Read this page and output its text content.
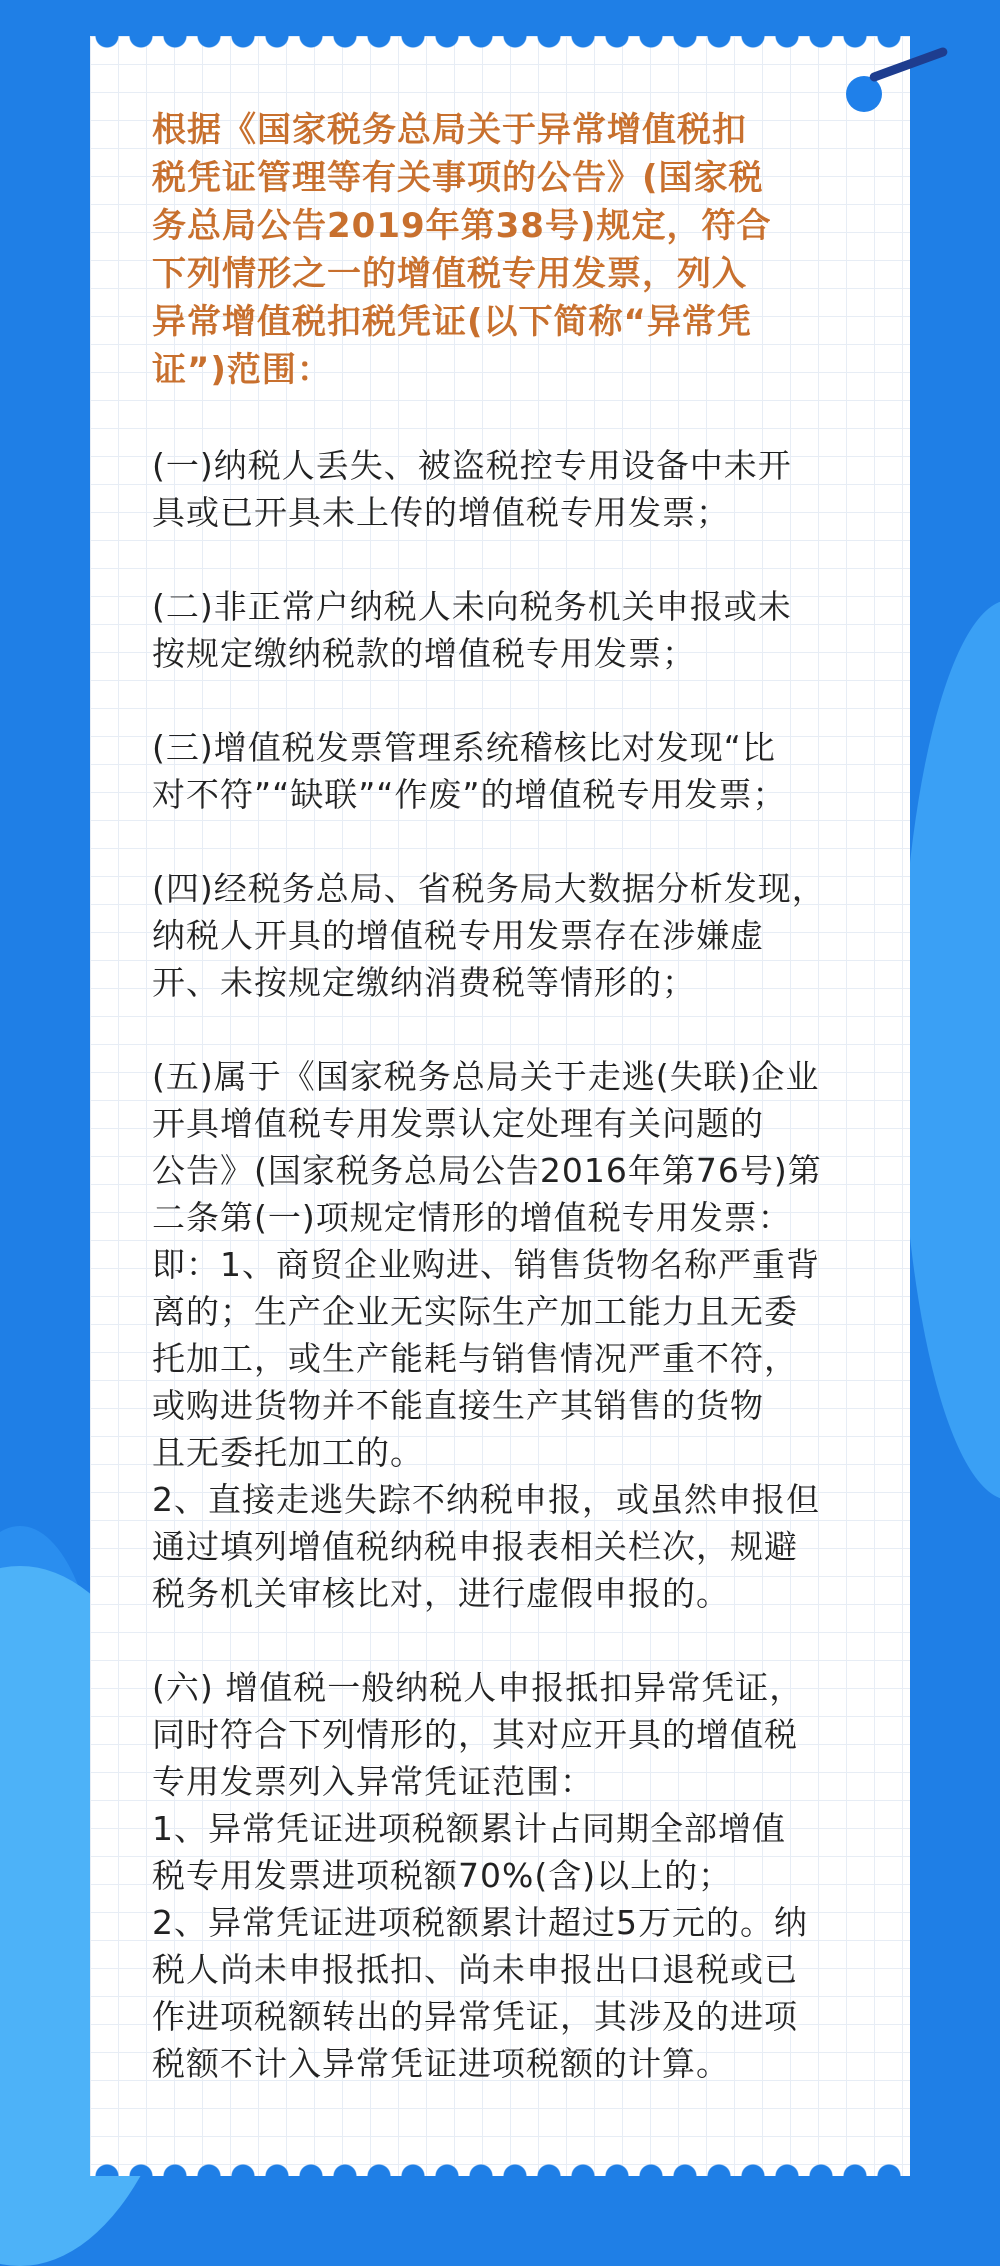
根据《国家税务总局关于异常增值税扣
税凭证管理等有关事项的公告》(国家税
务总局公告2019年第38号)规定，符合
下列情形之一的增值税专用发票，列入
异常增值税扣税凭证(以下简称“异常凭
证”)范围：
(一)纳税人丢失、被盗税控专用设备中未开
具或已开具未上传的增值税专用发票；
(二)非正常户纳税人未向税务机关申报或未
按规定缴纳税款的增值税专用发票；
(三)增值税发票管理系统稽核比对发现“比
对不符”“缺联”“作废”的增值税专用发票；
(四)经税务总局、省税务局大数据分析发现，
纳税人开具的增值税专用发票存在涉嫌虚
开、未按规定缴纳消费税等情形的；
(五)属于《国家税务总局关于走逃(失联)企业
开具增值税专用发票认定处理有关问题的
公告》(国家税务总局公告2016年第76号)第
二条第(一)项规定情形的增值税专用发票：
即：1、商贸企业购进、销售货物名称严重背
离的；生产企业无实际生产加工能力且无委
托加工，或生产能耗与销售情况严重不符，
或购进货物并不能直接生产其销售的货物
且无委托加工的。
2、直接走逃失踪不纳税申报，或虽然申报但
通过填列增值税纳税申报表相关栏次，规避
税务机关审核比对，进行虚假申报的。
(六) 增值税一般纳税人申报抵扣异常凭证，
同时符合下列情形的，其对应开具的增值税
专用发票列入异常凭证范围：
1、异常凭证进项税额累计占同期全部增值
税专用发票进项税额70%(含)以上的；
2、异常凭证进项税额累计超过5万元的。纳
税人尚未申报抵扣、尚未申报出口退税或已
作进项税额转出的异常凭证，其涉及的进项
税额不计入异常凭证进项税额的计算。
